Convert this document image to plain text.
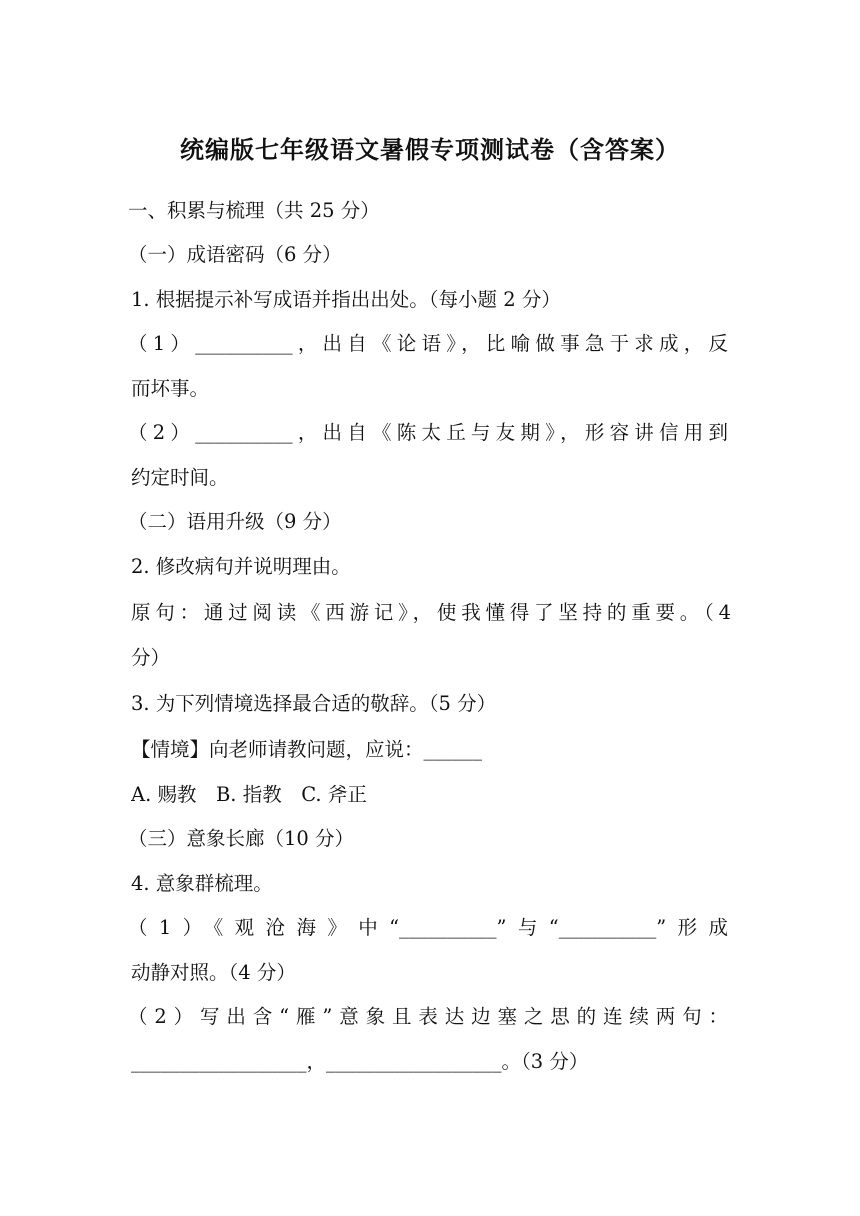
统编版七年级语文暑假专项测试卷（含答案）
一、积累与梳理（共 25 分）
（一）成语密码（6 分）
1. 根据提示补写成语并指出出处。（每小题 2 分）
（1）__________，出自《论语》，比喻做事急于求成，反
而坏事。
（2）__________，出自《陈太丘与友期》，形容讲信用到
约定时间。
（二）语用升级（9 分）
2. 修改病句并说明理由。
原句：通过阅读《西游记》，使我懂得了坚持的重要。（4
分）
3. 为下列情境选择最合适的敬辞。（5 分）
【情境】向老师请教问题，应说：______
A. 赐教　B. 指教　C. 斧正
（三）意象长廊（10 分）
4. 意象群梳理。
（1）《观沧海》中“__________”与“__________”形成
动静对照。（4 分）
（2）写出含“雁”意象且表达边塞之思的连续两句：
__________________，__________________。（3 分）
